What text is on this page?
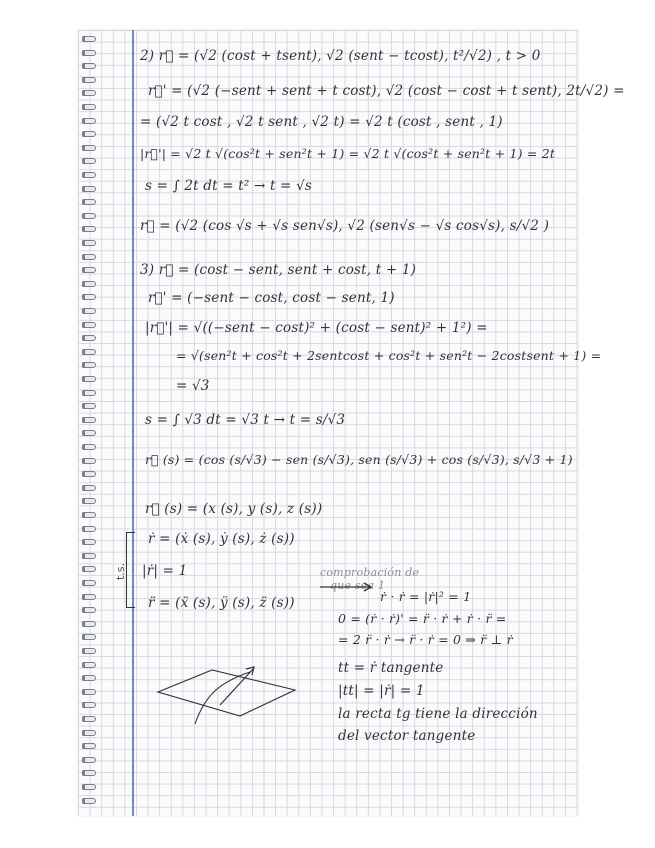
2) r⃗ = (√2 (cost + tsent), √2 (sent − tcost), t²/√2) , t > 0
r⃗' = (√2 (−sent + sent + t cost), √2 (cost − cost + t sent), 2t/√2) =
= (√2 t cost , √2 t sent , √2 t) = √2 t (cost , sent , 1)
|r⃗'| = √2 t √(cos²t + sen²t + 1) = √2 t √(cos²t + sen²t + 1) = 2t
s = ∫ 2t dt = t² → t = √s
r⃗ = (√2 (cos √s + √s sen√s), √2 (sen√s − √s cos√s), s/√2 )
3) r⃗ = (cost − sent, sent + cost, t + 1)
r⃗' = (−sent − cost, cost − sent, 1)
|r⃗'| = √((−sent − cost)² + (cost − sent)² + 1²) =
= √(sen²t + cos²t + 2sentcost + cos²t + sen²t − 2costsent + 1) =
= √3
s = ∫ √3 dt = √3 t → t = s/√3
r⃗ (s) = (cos (s/√3) − sen (s/√3), sen (s/√3) + cos (s/√3), s/√3 + 1)
r⃗ (s) = (x (s), y (s), z (s))
ṙ = (ẋ (s), ẏ (s), ż (s))
|ṙ| = 1
r̈ = (ẍ (s), ÿ (s), z̈ (s))
t.s.	comprobación de
que sea 1
ṙ · ṙ = |ṙ|² = 1
0 = (ṙ · ṙ)' = r̈ · ṙ + ṙ · r̈ =
= 2 r̈ · ṙ → r̈ · ṙ = 0 ⇒ r̈ ⊥ ṙ
tt = ṙ tangente
|tt| = |ṙ| = 1
la recta tg tiene la dirección
del vector tangente
